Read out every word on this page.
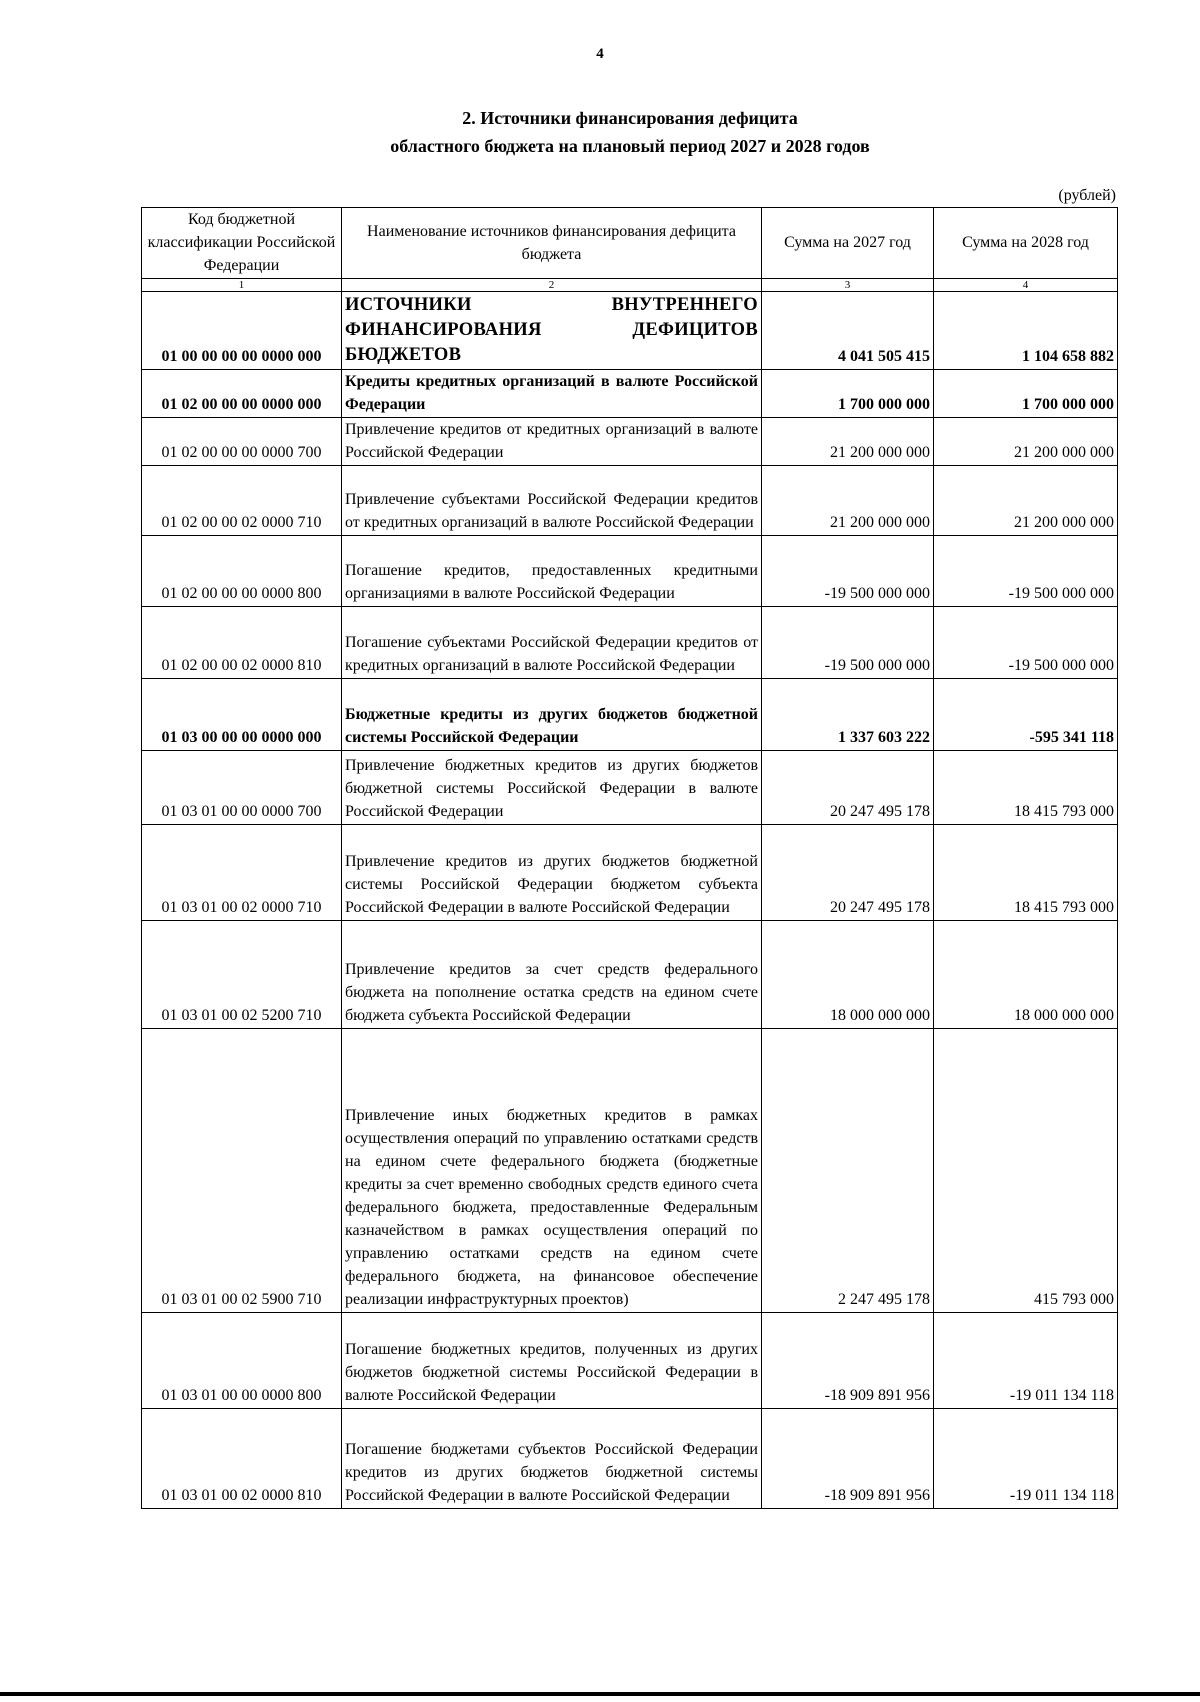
4
2. Источники финансирования дефицита
областного бюджета на плановый период 2027 и 2028 годов
(рублей)
Код бюджетной классификации Российской Федерации	Наименование источников финансирования дефицита бюджета	Сумма на 2027 год	Сумма на 2028 год
1	2	3	4
01 00 00 00 00 0000 000	ИСТОЧНИКИ ВНУТРЕННЕГО ФИНАНСИРОВАНИЯ ДЕФИЦИТОВ БЮДЖЕТОВ	4 041 505 415	1 104 658 882
01 02 00 00 00 0000 000	Кредиты кредитных организаций в валюте Российской Федерации	1 700 000 000	1 700 000 000
01 02 00 00 00 0000 700	Привлечение кредитов от кредитных организаций в валюте Российской Федерации	21 200 000 000	21 200 000 000
01 02 00 00 02 0000 710	Привлечение субъектами Российской Федерации кредитов от кредитных организаций в валюте Российской Федерации	21 200 000 000	21 200 000 000
01 02 00 00 00 0000 800	Погашение кредитов, предоставленных кредитными организациями в валюте Российской Федерации	-19 500 000 000	-19 500 000 000
01 02 00 00 02 0000 810	Погашение субъектами Российской Федерации кредитов от кредитных организаций в валюте Российской Федерации	-19 500 000 000	-19 500 000 000
01 03 00 00 00 0000 000	Бюджетные кредиты из других бюджетов бюджетной системы Российской Федерации	1 337 603 222	-595 341 118
01 03 01 00 00 0000 700	Привлечение бюджетных кредитов из других бюджетов бюджетной системы Российской Федерации в валюте Российской Федерации	20 247 495 178	18 415 793 000
01 03 01 00 02 0000 710	Привлечение кредитов из других бюджетов бюджетной системы Российской Федерации бюджетом субъекта Российской Федерации в валюте Российской Федерации	20 247 495 178	18 415 793 000
01 03 01 00 02 5200 710	Привлечение кредитов за счет средств федерального бюджета на пополнение остатка средств на едином счете бюджета субъекта Российской Федерации	18 000 000 000	18 000 000 000
01 03 01 00 02 5900 710	Привлечение иных бюджетных кредитов в рамках осуществления операций по управлению остатками средств на едином счете федерального бюджета (бюджетные кредиты за счет временно свободных средств единого счета федерального бюджета, предоставленные Федеральным казначейством в рамках осуществления операций по управлению остатками средств на едином счете федерального бюджета, на финансовое обеспечение реализации инфраструктурных проектов)	2 247 495 178	415 793 000
01 03 01 00 00 0000 800	Погашение бюджетных кредитов, полученных из других бюджетов бюджетной системы Российской Федерации в валюте Российской Федерации	-18 909 891 956	-19 011 134 118
01 03 01 00 02 0000 810	Погашение бюджетами субъектов Российской Федерации кредитов из других бюджетов бюджетной системы Российской Федерации в валюте Российской Федерации	-18 909 891 956	-19 011 134 118
